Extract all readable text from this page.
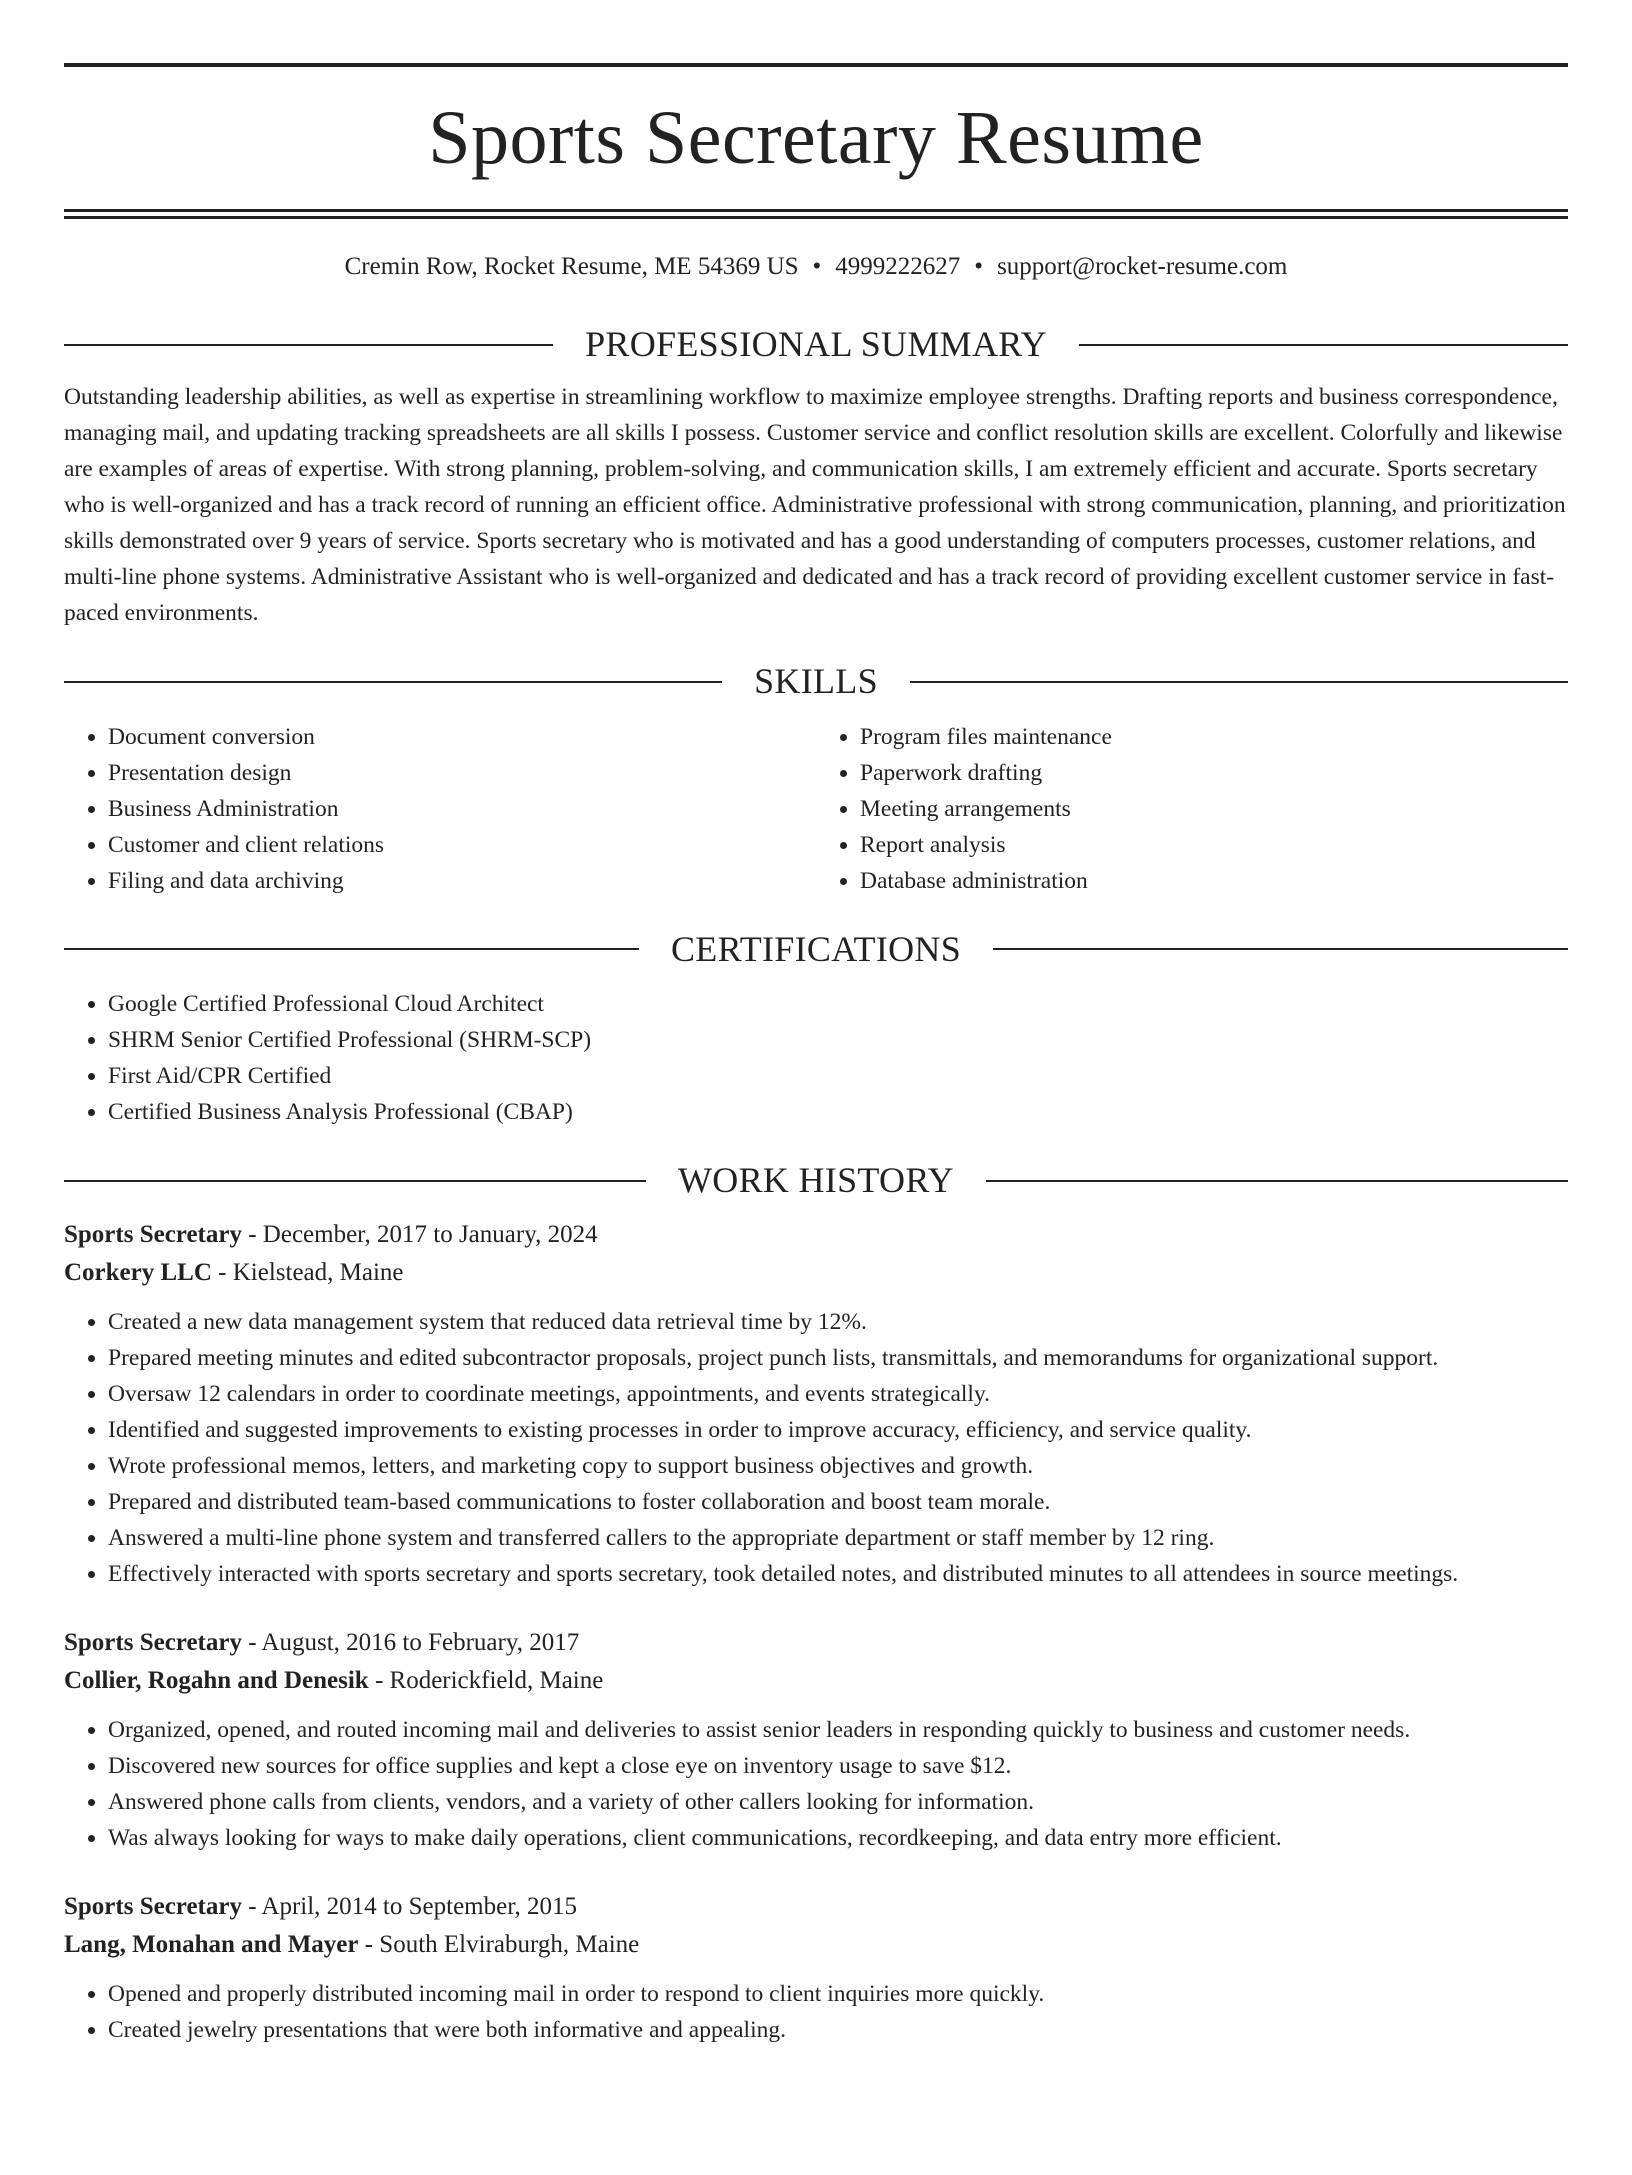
Sports Secretary Resume
Cremin Row, Rocket Resume, ME 54369 US • 4999222627 • support@rocket-resume.com
PROFESSIONAL SUMMARY

Outstanding leadership abilities, as well as expertise in streamlining workflow to maximize employee strengths. Drafting reports and business correspondence, managing mail, and updating tracking spreadsheets are all skills I possess. Customer service and conflict resolution skills are excellent. Colorfully and likewise are examples of areas of expertise. With strong planning, problem-solving, and communication skills, I am extremely efficient and accurate. Sports secretary who is well-organized and has a track record of running an efficient office. Administrative professional with strong communication, planning, and prioritization skills demonstrated over 9 years of service. Sports secretary who is motivated and has a good understanding of computers processes, customer relations, and multi-line phone systems. Administrative Assistant who is well-organized and dedicated and has a track record of providing excellent customer service in fast-paced environments.

SKILLS
• Document conversion
• Presentation design
• Business Administration
• Customer and client relations
• Filing and data archiving
• Program files maintenance
• Paperwork drafting
• Meeting arrangements
• Report analysis
• Database administration
CERTIFICATIONS
• Google Certified Professional Cloud Architect
• SHRM Senior Certified Professional (SHRM-SCP)
• First Aid/CPR Certified
• Certified Business Analysis Professional (CBAP)
WORK HISTORY
Sports Secretary - December, 2017 to January, 2024
Corkery LLC - Kielstead, Maine
• Created a new data management system that reduced data retrieval time by 12%.
• Prepared meeting minutes and edited subcontractor proposals, project punch lists, transmittals, and memorandums for organizational support.
• Oversaw 12 calendars in order to coordinate meetings, appointments, and events strategically.
• Identified and suggested improvements to existing processes in order to improve accuracy, efficiency, and service quality.
• Wrote professional memos, letters, and marketing copy to support business objectives and growth.
• Prepared and distributed team-based communications to foster collaboration and boost team morale.
• Answered a multi-line phone system and transferred callers to the appropriate department or staff member by 12 ring.
• Effectively interacted with sports secretary and sports secretary, took detailed notes, and distributed minutes to all attendees in source meetings.
Sports Secretary - August, 2016 to February, 2017
Collier, Rogahn and Denesik - Roderickfield, Maine
• Organized, opened, and routed incoming mail and deliveries to assist senior leaders in responding quickly to business and customer needs.
• Discovered new sources for office supplies and kept a close eye on inventory usage to save $12.
• Answered phone calls from clients, vendors, and a variety of other callers looking for information.
• Was always looking for ways to make daily operations, client communications, recordkeeping, and data entry more efficient.
Sports Secretary - April, 2014 to September, 2015
Lang, Monahan and Mayer - South Elviraburgh, Maine
• Opened and properly distributed incoming mail in order to respond to client inquiries more quickly.
• Created jewelry presentations that were both informative and appealing.
